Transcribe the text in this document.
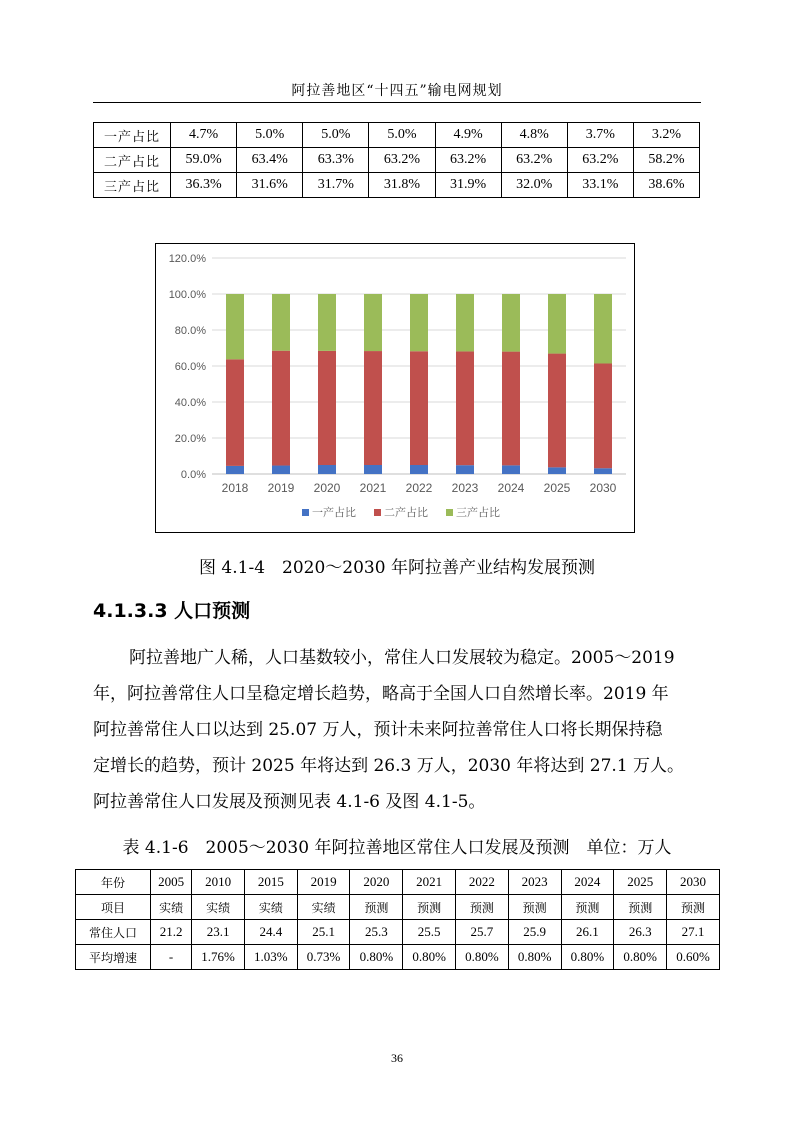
阿拉善地区“十四五”输电网规划
一产占比	4.7%	5.0%	5.0%	5.0%	4.9%	4.8%	3.7%	3.2%
二产占比	59.0%	63.4%	63.3%	63.2%	63.2%	63.2%	63.2%	58.2%
三产占比	36.3%	31.6%	31.7%	31.8%	31.9%	32.0%	33.1%	38.6%
0.0%
20.0%
40.0%
60.0%
80.0%
100.0%
120.0%
2018 2019 2020 2021 2022 2023 2024 2025 2030
一产占比	二产占比	三产占比
图 4.1-4　2020～2030 年阿拉善产业结构发展预测
4.1.3.3 人口预测
阿拉善地广人稀，人口基数较小，常住人口发展较为稳定。2005～2019
年，阿拉善常住人口呈稳定增长趋势，略高于全国人口自然增长率。2019 年
阿拉善常住人口以达到 25.07 万人，预计未来阿拉善常住人口将长期保持稳
定增长的趋势，预计 2025 年将达到 26.3 万人，2030 年将达到 27.1 万人。
阿拉善常住人口发展及预测见表 4.1-6 及图 4.1-5。
表 4.1-6　2005～2030 年阿拉善地区常住人口发展及预测　单位：万人
年份	2005	2010	2015	2019	2020	2021	2022	2023	2024	2025	2030
项目	实绩	实绩	实绩	实绩	预测	预测	预测	预测	预测	预测	预测
常住人口	21.2	23.1	24.4	25.1	25.3	25.5	25.7	25.9	26.1	26.3	27.1
平均增速	-	1.76%	1.03%	0.73%	0.80%	0.80%	0.80%	0.80%	0.80%	0.80%	0.60%
36
